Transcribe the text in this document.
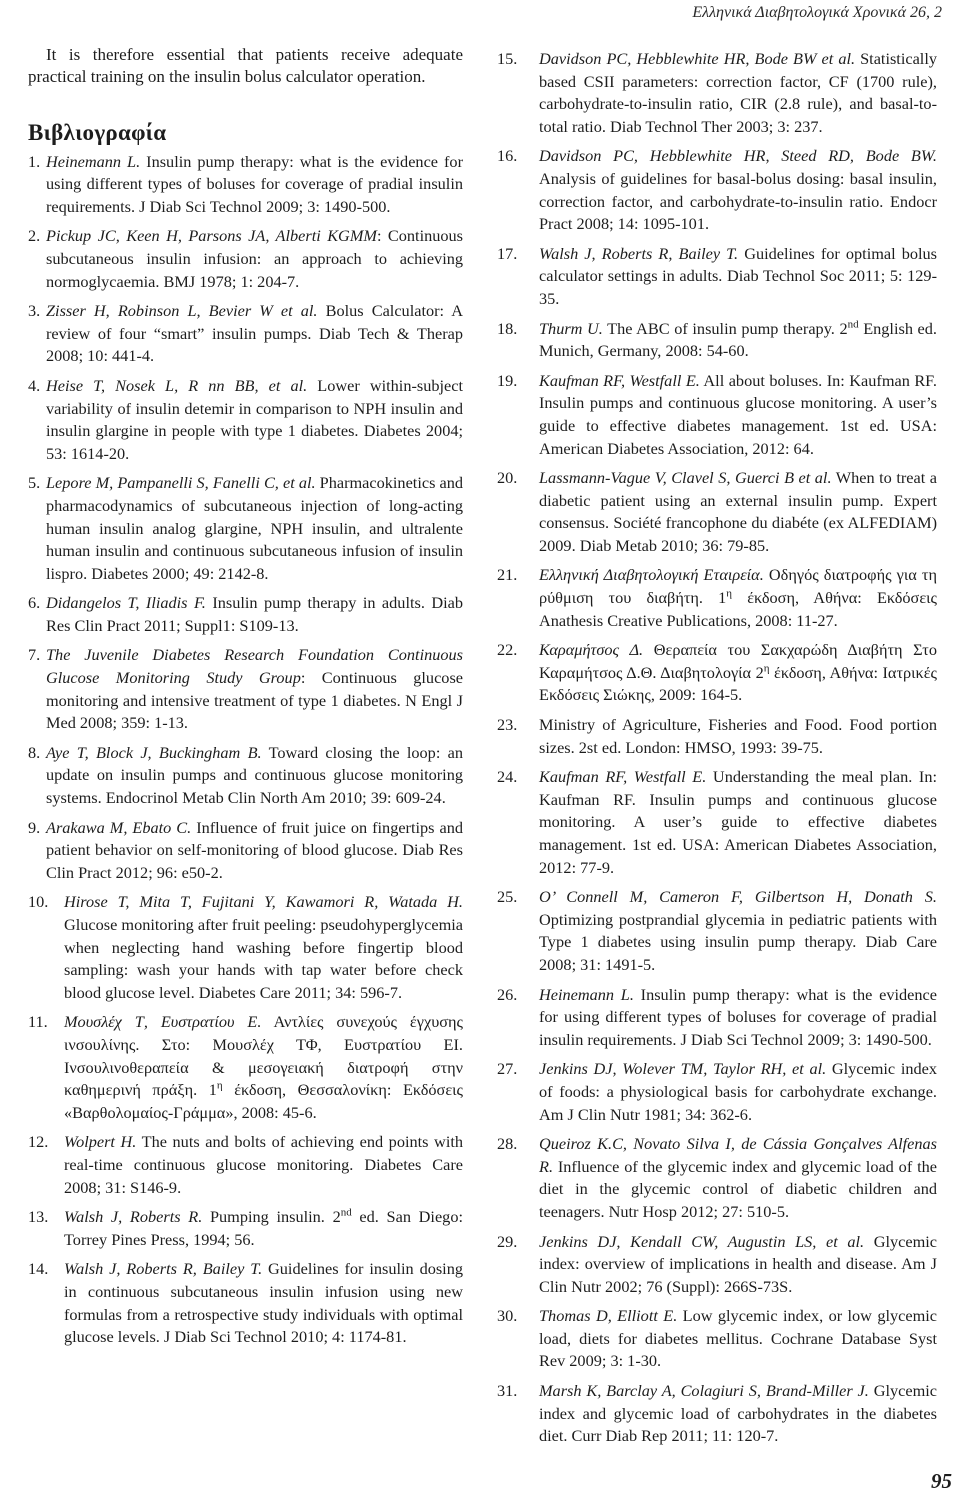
Ελληνικά Διαβητολογικά Χρονικά 26, 2

It is therefore essential that patients receive adequate practical training on the insulin bolus calculator operation.

Βιβλιογραφία
1. Heinemann L. Insulin pump therapy: what is the evidence for using different types of boluses for coverage of pradial insulin requirements. J Diab Sci Technol 2009; 3: 1490-500.
2. Pickup JC, Keen H, Parsons JA, Alberti KGMM: Continuous subcutaneous insulin infusion: an approach to achieving normoglycaemia. BMJ 1978; 1: 204-7.
3. Zisser H, Robinson L, Bevier W et al. Bolus Calculator: A review of four “smart” insulin pumps. Diab Tech & Therap 2008; 10: 441-4.
4. Heise T, Nosek L, R nn BB, et al. Lower within-subject variability of insulin detemir in comparison to NPH insulin and insulin glargine in people with type 1 diabetes. Diabetes 2004; 53: 1614-20.
5. Lepore M, Pampanelli S, Fanelli C, et al. Pharmacokinetics and pharmacodynamics of subcutaneous injection of long-acting human insulin analog glargine, NPH insulin, and ultralente human insulin and continuous subcutaneous infusion of insulin lispro. Diabetes 2000; 49: 2142-8.
6. Didangelos T, Iliadis F. Insulin pump therapy in adults. Diab Res Clin Pract 2011; Suppl1: S109-13.
7. The Juvenile Diabetes Research Foundation Continuous Glucose Monitoring Study Group: Continuous glucose monitoring and intensive treatment of type 1 diabetes. N Engl J Med 2008; 359: 1-13.
8. Aye T, Block J, Buckingham B. Toward closing the loop: an update on insulin pumps and continuous glucose monitoring systems. Endocrinol Metab Clin North Am 2010; 39: 609-24.
9. Arakawa M, Ebato C. Influence of fruit juice on fingertips and patient behavior on self-monitoring of blood glucose. Diab Res Clin Pract 2012; 96: e50-2.
10. Hirose T, Mita T, Fujitani Y, Kawamori R, Watada H. Glucose monitoring after fruit peeling: pseudohyperglycemia when neglecting hand washing before fingertip blood sampling: wash your hands with tap water before check blood glucose level. Diabetes Care 2011; 34: 596-7.
11. Μουσλέχ Τ, Ευστρατίου Ε. Αντλίες συνεχούς έγχυσης ινσουλίνης. Στο: Μουσλέχ ΤΦ, Ευστρατίου ΕΙ. Ινσουλινοθεραπεία & μεσογειακή διατροφή στην καθημερινή πράξη. $1^\eta$ έκδοση, Θεσσαλονίκη: Εκδόσεις «Βαρθολομαίος-Γράμμα», 2008: 45-6.
12. Wolpert H. The nuts and bolts of achieving end points with real-time continuous glucose monitoring. Diabetes Care 2008; 31: S146-9.
13. Walsh J, Roberts R. Pumping insulin. 2nd ed. San Diego: Torrey Pines Press, 1994; 56.
14. Walsh J, Roberts R, Bailey T. Guidelines for insulin dosing in continuous subcutaneous insulin infusion using new formulas from a retrospective study individuals with optimal glucose levels. J Diab Sci Technol 2010; 4: 1174-81.
15.	Davidson PC, Hebblewhite HR, Bode BW et al. Statistically based CSII parameters: correction factor, CF (1700 rule), carbohydrate-to-insulin ratio, CIR (2.8 rule), and basal-to-total ratio. Diab Technol Ther 2003; 3: 237.
16.	Davidson PC, Hebblewhite HR, Steed RD, Bode BW. Analysis of guidelines for basal-bolus dosing: basal insulin, correction factor, and carbohydrate-to-insulin ratio. Endocr Pract 2008; 14: 1095-101.
17.	Walsh J, Roberts R, Bailey T. Guidelines for optimal bolus calculator settings in adults. Diab Technol Soc 2011; 5: 129-35.
18.	Thurm U. The ABC of insulin pump therapy. 2nd English ed. Munich, Germany, 2008: 54-60.
19.	Kaufman RF, Westfall E. All about boluses. In: Kaufman RF. Insulin pumps and continuous glucose monitoring. A user’s guide to effective diabetes management. 1st ed. USA: American Diabetes Association, 2012: 64.
20.	Lassmann-Vague V, Clavel S, Guerci B et al. When to treat a diabetic patient using an external insulin pump. Expert consensus. Société francophone du diabéte (ex ALFEDIAM) 2009. Diab Metab 2010; 36: 79-85.
21.	Ελληνική Διαβητολογική Εταιρεία. Οδηγός διατροφής για τη ρύθμιση του διαβήτη. $1^\eta$ έκδοση, Αθήνα: Εκδόσεις Anathesis Creative Publications, 2008: 11-27.
22.	Καραμήτσος Δ. Θεραπεία του Σακχαρώδη Διαβήτη Στο Καραμήτσος Δ.Θ. Διαβητολογία $2^\eta$ έκδοση, Αθήνα: Ιατρικές Εκδόσεις Σιώκης, 2009: 164-5.
23.	Ministry of Agriculture, Fisheries and Food. Food portion sizes. 2st ed. London: HMSO, 1993: 39-75.
24.	Kaufman RF, Westfall E. Understanding the meal plan. In: Kaufman RF. Insulin pumps and continuous glucose monitoring. A user’s guide to effective diabetes management. 1st ed. USA: American Diabetes Association, 2012: 77-9.
25.	O’ Connell M, Cameron F, Gilbertson H, Donath S. Optimizing postprandial glycemia in pediatric patients with Type 1 diabetes using insulin pump therapy. Diab Care 2008; 31: 1491-5.
26.	Heinemann L. Insulin pump therapy: what is the evidence for using different types of boluses for coverage of pradial insulin requirements. J Diab Sci Technol 2009; 3: 1490-500.
27.	Jenkins DJ, Wolever TM, Taylor RH, et al. Glycemic index of foods: a physiological basis for carbohydrate exchange. Am J Clin Nutr 1981; 34: 362-6.
28.	Queiroz K.C, Novato Silva I, de Cássia Gonçalves Alfenas R. Influence of the glycemic index and glycemic load of the diet in the glycemic control of diabetic children and teenagers. Nutr Hosp 2012; 27: 510-5.
29.	Jenkins DJ, Kendall CW, Augustin LS, et al. Glycemic index: overview of implications in health and disease. Am J Clin Nutr 2002; 76 (Suppl): 266S-73S.
30.	Thomas D, Elliott E. Low glycemic index, or low glycemic load, diets for diabetes mellitus. Cochrane Database Syst Rev 2009; 3: 1-30.
31.	Marsh K, Barclay A, Colagiuri S, Brand-Miller J. Glycemic index and glycemic load of carbohydrates in the diabetes diet. Curr Diab Rep 2011; 11: 120-7.
95
